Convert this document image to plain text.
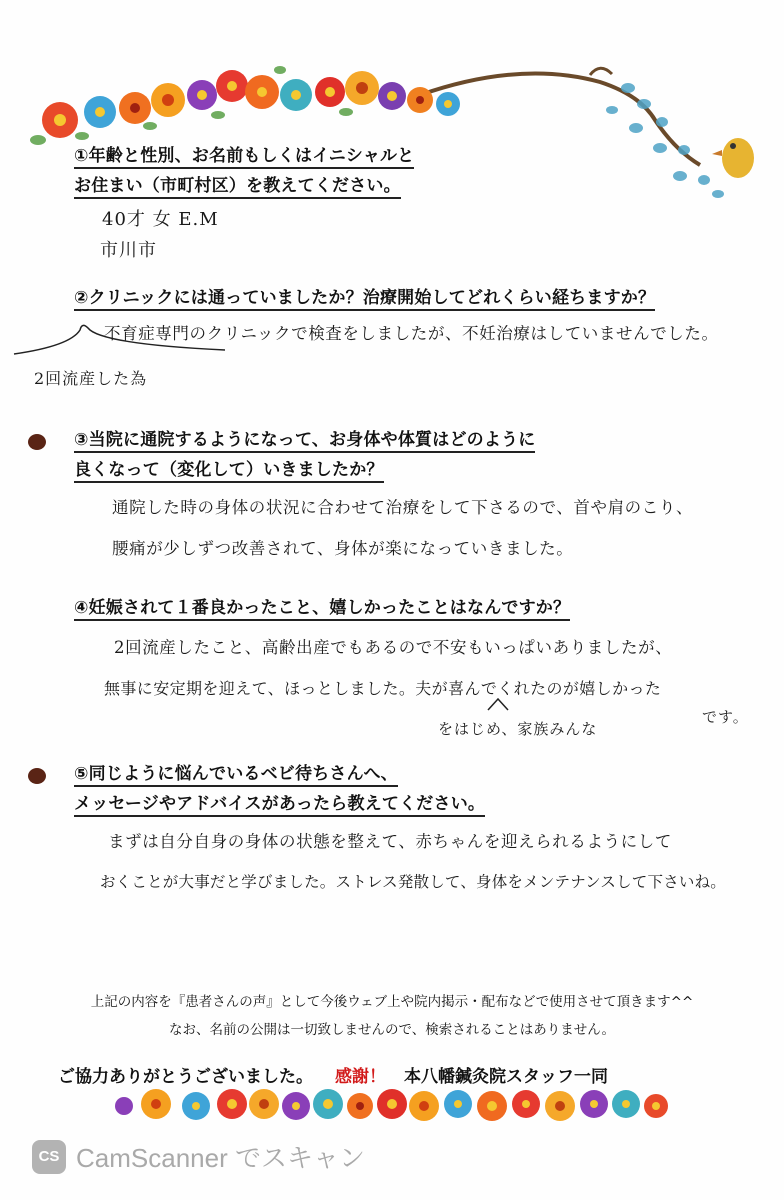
①年齢と性別、お名前もしくはイニシャルと
お住まい（市町村区）を教えてください。
40才 女 E.M
市川市
②クリニックには通っていましたか？治療開始してどれくらい経ちますか？
不育症専門のクリニックで検査をしましたが、不妊治療はしていませんでした。
2回流産した為
③当院に通院するようになって、お身体や体質はどのように
良くなって（変化して）いきましたか？
通院した時の身体の状況に合わせて治療をして下さるので、首や肩のこり、
腰痛が少しずつ改善されて、身体が楽になっていきました。
④妊娠されて１番良かったこと、嬉しかったことはなんですか？
2回流産したこと、高齢出産でもあるので不安もいっぱいありましたが、
無事に安定期を迎えて、ほっとしました。夫が喜んでくれたのが嬉しかった
をはじめ、家族みんな
です。
⑤同じように悩んでいるベビ待ちさんへ、
メッセージやアドバイスがあったら教えてください。
まずは自分自身の身体の状態を整えて、赤ちゃんを迎えられるようにして
おくことが大事だと学びました。ストレス発散して、身体をメンテナンスして下さいね。
上記の内容を『患者さんの声』として今後ウェブ上や院内掲示・配布などで使用させて頂きます^^
なお、名前の公開は一切致しませんので、検索されることはありません。
ご協力ありがとうございました。 感謝！ 本八幡鍼灸院スタッフ一同
CS CamScanner でスキャン
